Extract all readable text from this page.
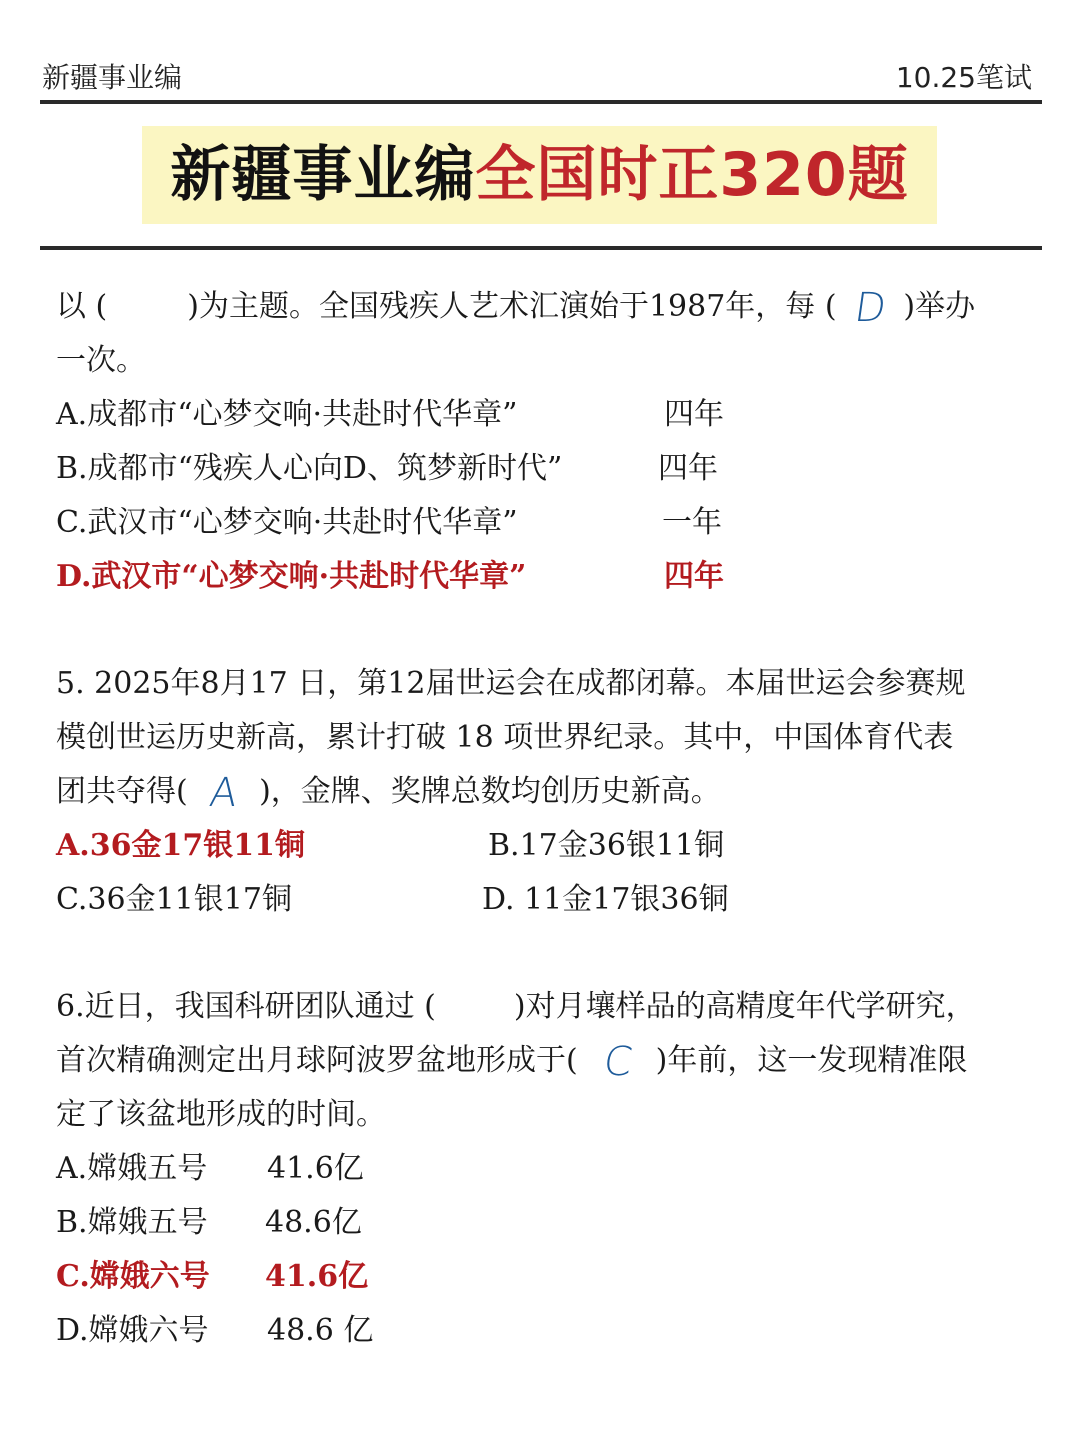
新疆事业编	10.25笔试
新疆事业编全国时正320题
以 (	)为主题。全国残疾人艺术汇演始于1987年，每 ( D )举办
一次。
A.成都市“心梦交响·共赴时代华章”	四年
B.成都市“残疾人心向D、筑梦新时代”	四年
C.武汉市“心梦交响·共赴时代华章”	一年
D.武汉市“心梦交响·共赴时代华章”	四年
5. 2025年8月17 日，第12届世运会在成都闭幕。本届世运会参赛规
模创世运历史新高，累计打破 18 项世界纪录。其中，中国体育代表
团共夺得( A )，金牌、奖牌总数均创历史新高。
A.36金17银11铜	B.17金36银11铜
C.36金11银17铜	D. 11金17银36铜
6.近日，我国科研团队通过 (	)对月壤样品的高精度年代学研究，
首次精确测定出月球阿波罗盆地形成于( C )年前，这一发现精准限
定了该盆地形成的时间。
A.嫦娥五号 41.6亿
B.嫦娥五号 48.6亿
C.嫦娥六号 41.6亿
D.嫦娥六号 48.6 亿
